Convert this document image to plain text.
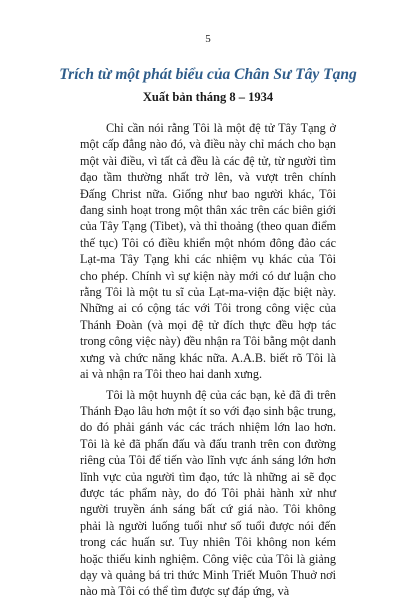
5
Trích từ một phát biểu của Chân Sư Tây Tạng
Xuất bản tháng 8 – 1934

Chỉ cần nói rằng Tôi là một đệ tử Tây Tạng ở một cấp đẳng nào đó, và điều này chỉ mách cho bạn một vài điều, vì tất cả đều là các đệ tử, từ người tìm đạo tầm thường nhất trở lên, và vượt trên chính Đấng Christ nữa. Giống như bao người khác, Tôi đang sinh hoạt trong một thân xác trên các biên giới của Tây Tạng (Tibet), và thỉ thoảng (theo quan điểm thế tục) Tôi có điều khiển một nhóm đông đảo các Lạt-ma Tây Tạng khi các nhiệm vụ khác của Tôi cho phép. Chính vì sự kiện này mới có dư luận cho rằng Tôi là một tu sĩ của Lạt-ma-viện đặc biệt này. Những ai có cộng tác với Tôi trong công việc của Thánh Đoàn (và mọi đệ tử đích thực đều hợp tác trong công việc này) đều nhận ra Tôi bằng một danh xưng và chức năng khác nữa. A.A.B. biết rõ Tôi là ai và nhận ra Tôi theo hai danh xưng.

Tôi là một huynh đệ của các bạn, kẻ đã đi trên Thánh Đạo lâu hơn một ít so với đạo sinh bậc trung, do đó phải gánh vác các trách nhiệm lớn lao hơn. Tôi là kẻ đã phấn đấu và đấu tranh trên con đường riêng của Tôi để tiến vào lĩnh vực ánh sáng lớn hơn lĩnh vực của người tìm đạo, tức là những ai sẽ đọc được tác phẩm này, do đó Tôi phải hành xử như người truyền ánh sáng bất cứ giá nào. Tôi không phải là người luống tuổi như số tuổi được nói đến trong các huấn sư. Tuy nhiên Tôi không non kém hoặc thiếu kinh nghiệm. Công việc của Tôi là giảng dạy và quảng bá tri thức Minh Triết Muôn Thuở nơi nào mà Tôi có thể tìm được sự đáp ứng, và
